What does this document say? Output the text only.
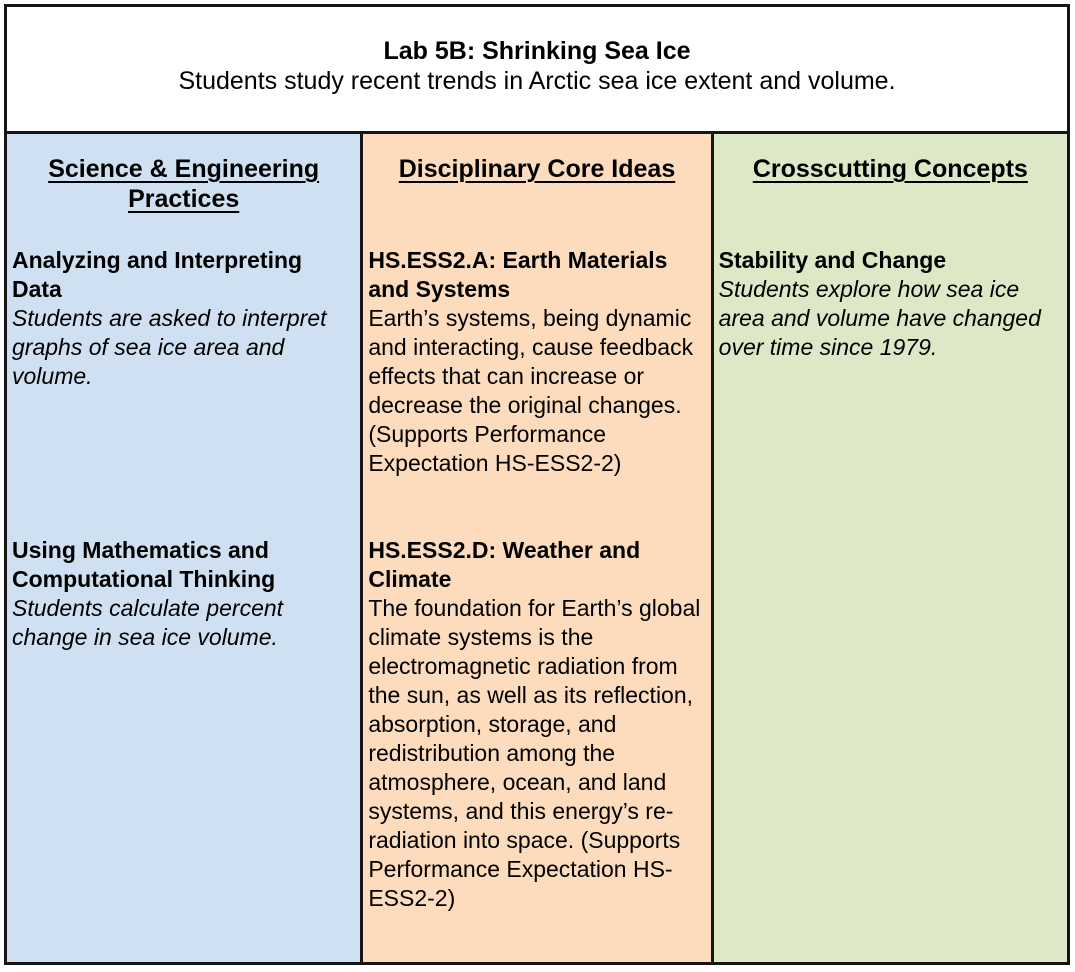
Lab 5B: Shrinking Sea Ice
Students study recent trends in Arctic sea ice extent and volume.
Science & Engineering Practices
Disciplinary Core Ideas	Crosscutting Concepts
Analyzing and Interpreting Data
Students are asked to interpret graphs of sea ice area and volume.
HS.ESS2.A: Earth Materials and Systems
Earth’s systems, being dynamic and interacting, cause feedback effects that can increase or decrease the original changes. (Supports Performance Expectation HS-ESS2-2)
Stability and Change
Students explore how sea ice area and volume have changed over time since 1979.
Using Mathematics and Computational Thinking
Students calculate percent change in sea ice volume.
HS.ESS2.D: Weather and Climate
The foundation for Earth’s global climate systems is the electromagnetic radiation from the sun, as well as its reflection, absorption, storage, and redistribution among the atmosphere, ocean, and land systems, and this energy’s re-radiation into space. (Supports Performance Expectation HS-ESS2-2)
